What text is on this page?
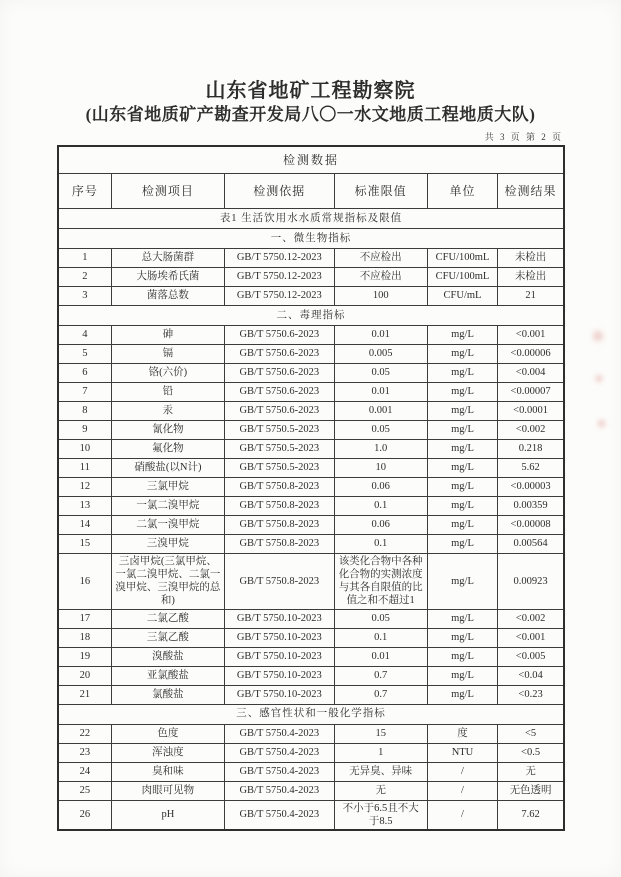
山东省地矿工程勘察院
(山东省地质矿产勘查开发局八〇一水文地质工程地质大队)
共 3 页 第 2 页
检测数据					
序号	检测项目	检测依据	标准限值	单位	检测结果
表1 生活饮用水水质常规指标及限值					
一、微生物指标					
1	总大肠菌群	GB/T 5750.12-2023	不应检出	CFU/100mL	未检出
2	大肠埃希氏菌	GB/T 5750.12-2023	不应检出	CFU/100mL	未检出
3	菌落总数	GB/T 5750.12-2023	100	CFU/mL	21
二、毒理指标					
4	砷	GB/T 5750.6-2023	0.01	mg/L	<0.001
5	镉	GB/T 5750.6-2023	0.005	mg/L	<0.00006
6	铬(六价)	GB/T 5750.6-2023	0.05	mg/L	<0.004
7	铅	GB/T 5750.6-2023	0.01	mg/L	<0.00007
8	汞	GB/T 5750.6-2023	0.001	mg/L	<0.0001
9	氰化物	GB/T 5750.5-2023	0.05	mg/L	<0.002
10	氟化物	GB/T 5750.5-2023	1.0	mg/L	0.218
11	硝酸盐(以N计)	GB/T 5750.5-2023	10	mg/L	5.62
12	三氯甲烷	GB/T 5750.8-2023	0.06	mg/L	<0.00003
13	一氯二溴甲烷	GB/T 5750.8-2023	0.1	mg/L	0.00359
14	二氯一溴甲烷	GB/T 5750.8-2023	0.06	mg/L	<0.00008
15	三溴甲烷	GB/T 5750.8-2023	0.1	mg/L	0.00564
16	三卤甲烷(三氯甲烷、一氯二溴甲烷、二氯一溴甲烷、三溴甲烷的总和)	GB/T 5750.8-2023	该类化合物中各种化合物的实测浓度与其各自限值的比值之和不超过1	mg/L	0.00923
17	二氯乙酸	GB/T 5750.10-2023	0.05	mg/L	<0.002
18	三氯乙酸	GB/T 5750.10-2023	0.1	mg/L	<0.001
19	溴酸盐	GB/T 5750.10-2023	0.01	mg/L	<0.005
20	亚氯酸盐	GB/T 5750.10-2023	0.7	mg/L	<0.04
21	氯酸盐	GB/T 5750.10-2023	0.7	mg/L	<0.23
三、感官性状和一般化学指标					
22	色度	GB/T 5750.4-2023	15	度	<5
23	浑浊度	GB/T 5750.4-2023	1	NTU	<0.5
24	臭和味	GB/T 5750.4-2023	无异臭、异味	/	无
25	肉眼可见物	GB/T 5750.4-2023	无	/	无色透明
26	pH	GB/T 5750.4-2023	不小于6.5且不大于8.5	/	7.62
